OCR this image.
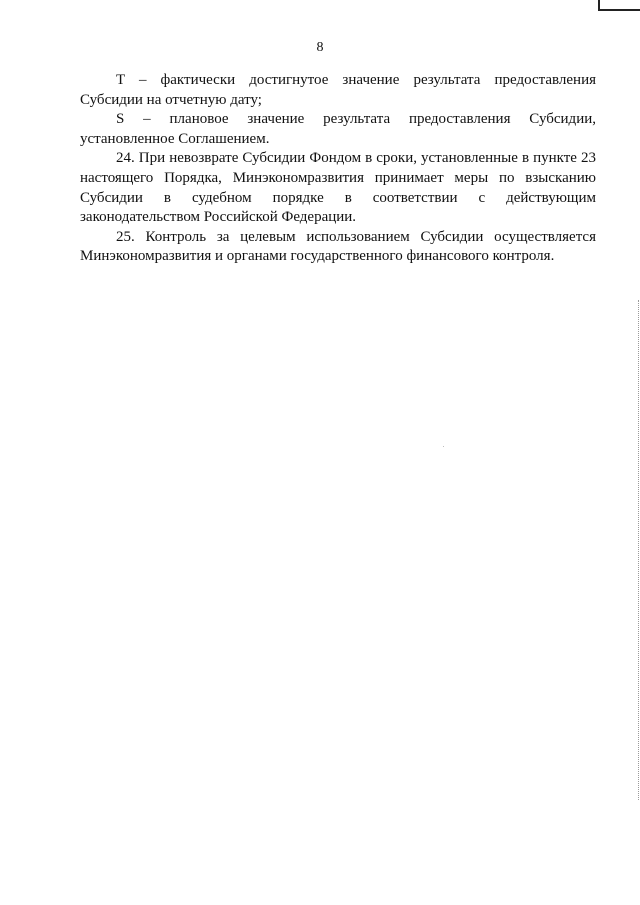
8

T – фактически достигнутое значение результата предоставления Субсидии на отчетную дату;

S – плановое значение результата предоставления Субсидии, установленное Соглашением.

24. При невозврате Субсидии Фондом в сроки, установленные в пункте 23 настоящего Порядка, Минэкономразвития принимает меры по взысканию Субсидии в судебном порядке в соответствии с действующим законодательством Российской Федерации.

25. Контроль за целевым использованием Субсидии осуществляется Минэкономразвития и органами государственного финансового контроля.
